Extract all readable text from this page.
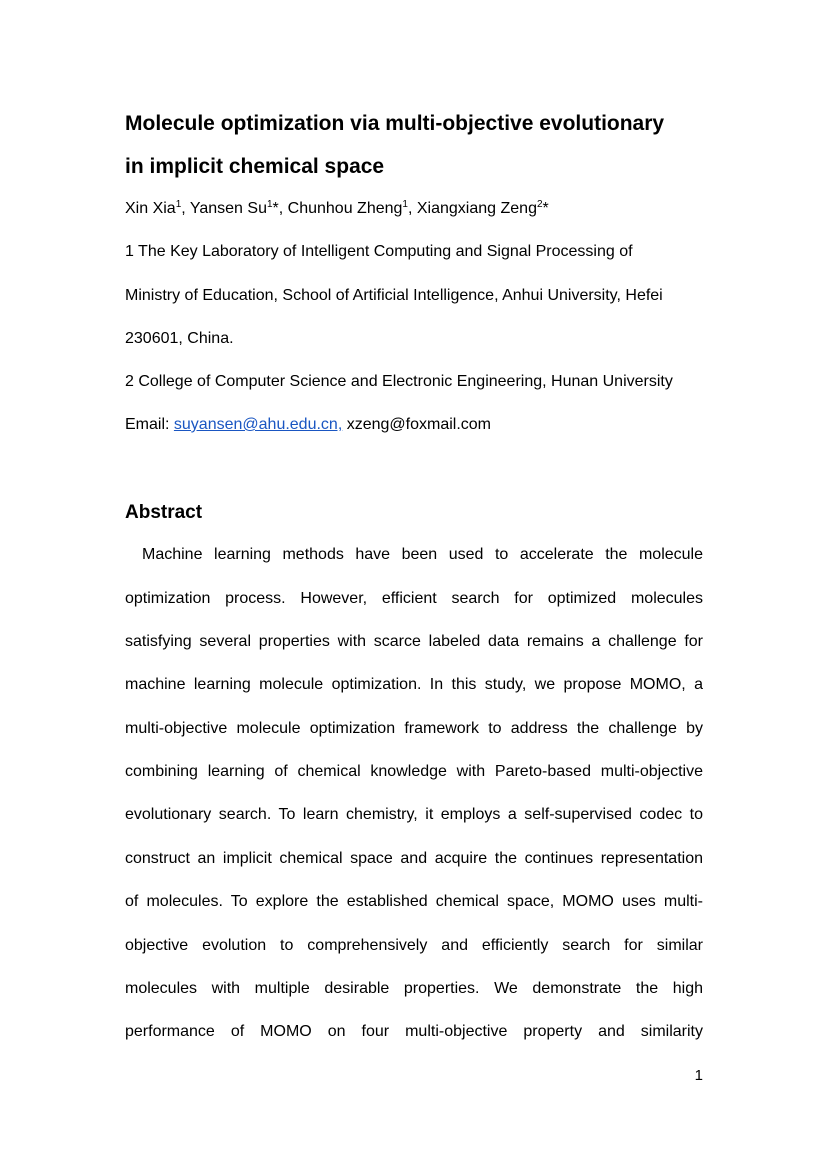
Molecule optimization via multi-objective evolutionary
in implicit chemical space
Xin Xia$^1$, Yansen Su$^1$*, Chunhou Zheng$^1$, Xiangxiang Zeng$^2$*
1 The Key Laboratory of Intelligent Computing and Signal Processing of
Ministry of Education, School of Artificial Intelligence, Anhui University, Hefei
230601, China.
2 College of Computer Science and Electronic Engineering, Hunan University
Email: suyansen@ahu.edu.cn, xzeng@foxmail.com
Abstract
Machine learning methods have been used to accelerate the molecule
optimization process. However, efficient search for optimized molecules
satisfying several properties with scarce labeled data remains a challenge for
machine learning molecule optimization. In this study, we propose MOMO, a
multi-objective molecule optimization framework to address the challenge by
combining learning of chemical knowledge with Pareto-based multi-objective
evolutionary search. To learn chemistry, it employs a self-supervised codec to
construct an implicit chemical space and acquire the continues representation
of molecules. To explore the established chemical space, MOMO uses multi-
objective evolution to comprehensively and efficiently search for similar
molecules with multiple desirable properties. We demonstrate the high
performance of MOMO on four multi-objective property and similarity
1
